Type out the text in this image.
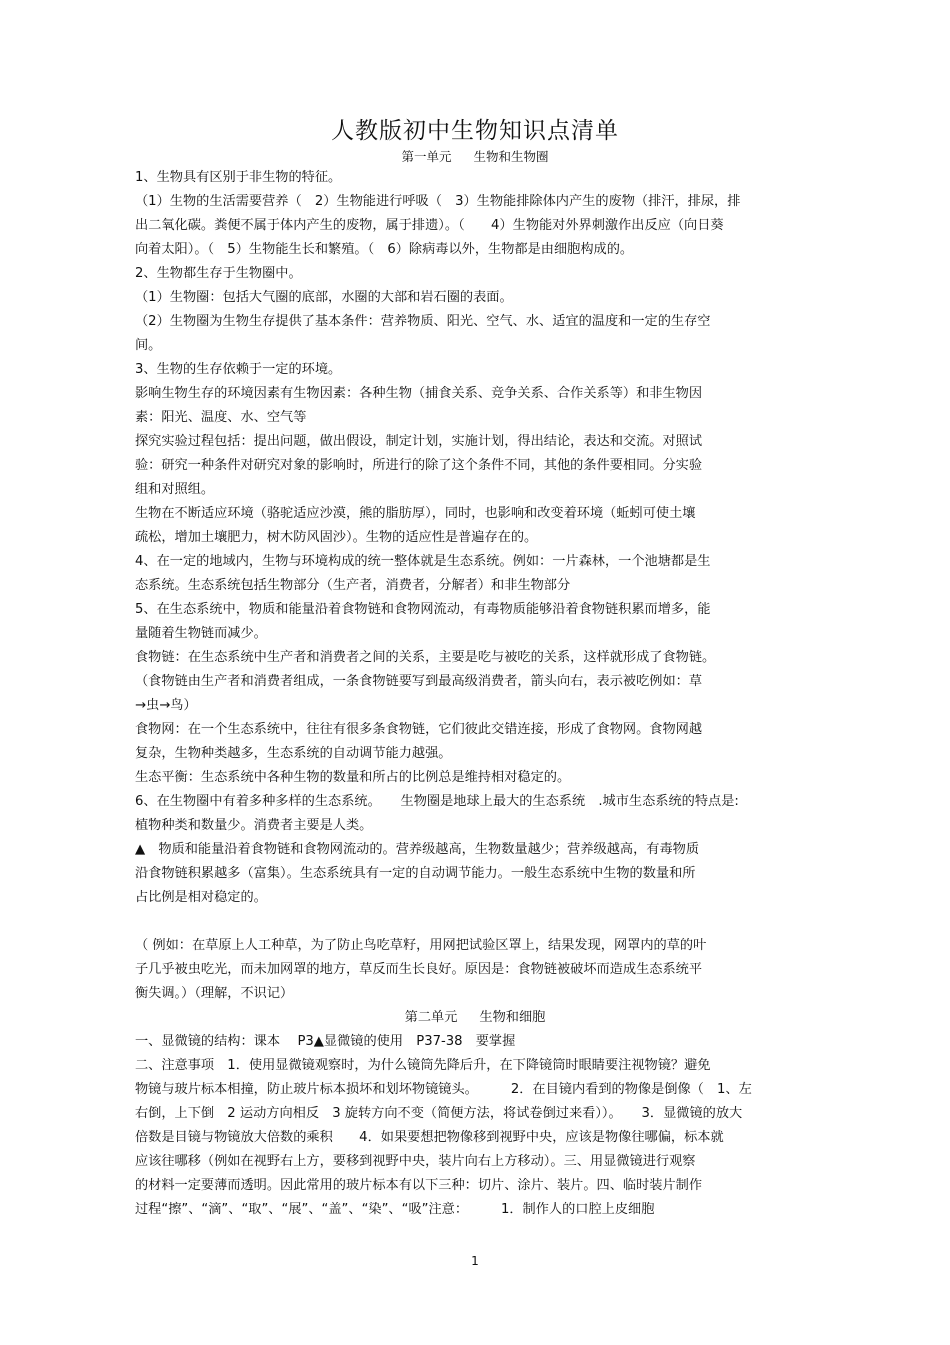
人教版初中生物知识点清单

第一单元 生物和生物圈

1、生物具有区别于非生物的特征。

（1）生物的生活需要营养（　2）生物能进行呼吸（　3）生物能排除体内产生的废物（排汗，排尿，排

出二氧化碳。粪便不属于体内产生的废物，属于排遗）。（　　4）生物能对外界刺激作出反应（向日葵

向着太阳）。（　5）生物能生长和繁殖。（　6）除病毒以外，生物都是由细胞构成的。

2、生物都生存于生物圈中。

（1）生物圈：包括大气圈的底部，水圈的大部和岩石圈的表面。

（2）生物圈为生物生存提供了基本条件：营养物质、阳光、空气、水、适宜的温度和一定的生存空

间。

3、生物的生存依赖于一定的环境。

影响生物生存的环境因素有生物因素：各种生物（捕食关系、竞争关系、合作关系等）和非生物因

素：阳光、温度、水、空气等

探究实验过程包括：提出问题，做出假设，制定计划，实施计划，得出结论，表达和交流。对照试

验：研究一种条件对研究对象的影响时，所进行的除了这个条件不同，其他的条件要相同。分实验

组和对照组。

生物在不断适应环境（骆驼适应沙漠，熊的脂肪厚），同时，也影响和改变着环境（蚯蚓可使土壤

疏松，增加土壤肥力，树木防风固沙）。生物的适应性是普遍存在的。

4、在一定的地域内，生物与环境构成的统一整体就是生态系统。例如：一片森林，一个池塘都是生

态系统。生态系统包括生物部分（生产者，消费者，分解者）和非生物部分

5、在生态系统中，物质和能量沿着食物链和食物网流动，有毒物质能够沿着食物链积累而增多，能

量随着生物链而减少。

食物链：在生态系统中生产者和消费者之间的关系，主要是吃与被吃的关系，这样就形成了食物链。

（食物链由生产者和消费者组成，一条食物链要写到最高级消费者，箭头向右，表示被吃例如：草

→虫→鸟）

食物网：在一个生态系统中，往往有很多条食物链，它们彼此交错连接，形成了食物网。食物网越

复杂，生物种类越多，生态系统的自动调节能力越强。

生态平衡：生态系统中各种生物的数量和所占的比例总是维持相对稳定的。

6、在生物圈中有着多种多样的生态系统。　　生物圈是地球上最大的生态系统　.城市生态系统的特点是:

植物种类和数量少。消费者主要是人类。

▲　物质和能量沿着食物链和食物网流动的。营养级越高，生物数量越少；营养级越高，有毒物质

沿食物链积累越多（富集）。生态系统具有一定的自动调节能力。一般生态系统中生物的数量和所

占比例是相对稳定的。

（ 例如：在草原上人工种草，为了防止鸟吃草籽，用网把试验区罩上，结果发现，网罩内的草的叶

子几乎被虫吃光，而未加网罩的地方，草反而生长良好。原因是：食物链被破坏而造成生态系统平

衡失调。）（理解，不识记）

第二单元 生物和细胞

一、显微镜的结构：课本　 P3▲显微镜的使用　P37-38　要掌握

二、注意事项　1．使用显微镜观察时，为什么镜筒先降后升，在下降镜筒时眼睛要注视物镜？避免

物镜与玻片标本相撞，防止玻片标本损坏和划坏物镜镜头。　　　2．在目镜内看到的物像是倒像（　1、左

右倒，上下倒　2 运动方向相反　3 旋转方向不变（简便方法，将试卷倒过来看））。　　3．显微镜的放大

倍数是目镜与物镜放大倍数的乘积　　4．如果要想把物像移到视野中央，应该是物像往哪偏，标本就

应该往哪移（例如在视野右上方，要移到视野中央，装片向右上方移动）。三、用显微镜进行观察

的材料一定要薄而透明。因此常用的玻片标本有以下三种：切片、涂片、装片。四、临时装片制作

过程“擦”、“滴”、“取”、“展”、“盖”、“染”、“吸”注意：　　　1．制作人的口腔上皮细胞

1
